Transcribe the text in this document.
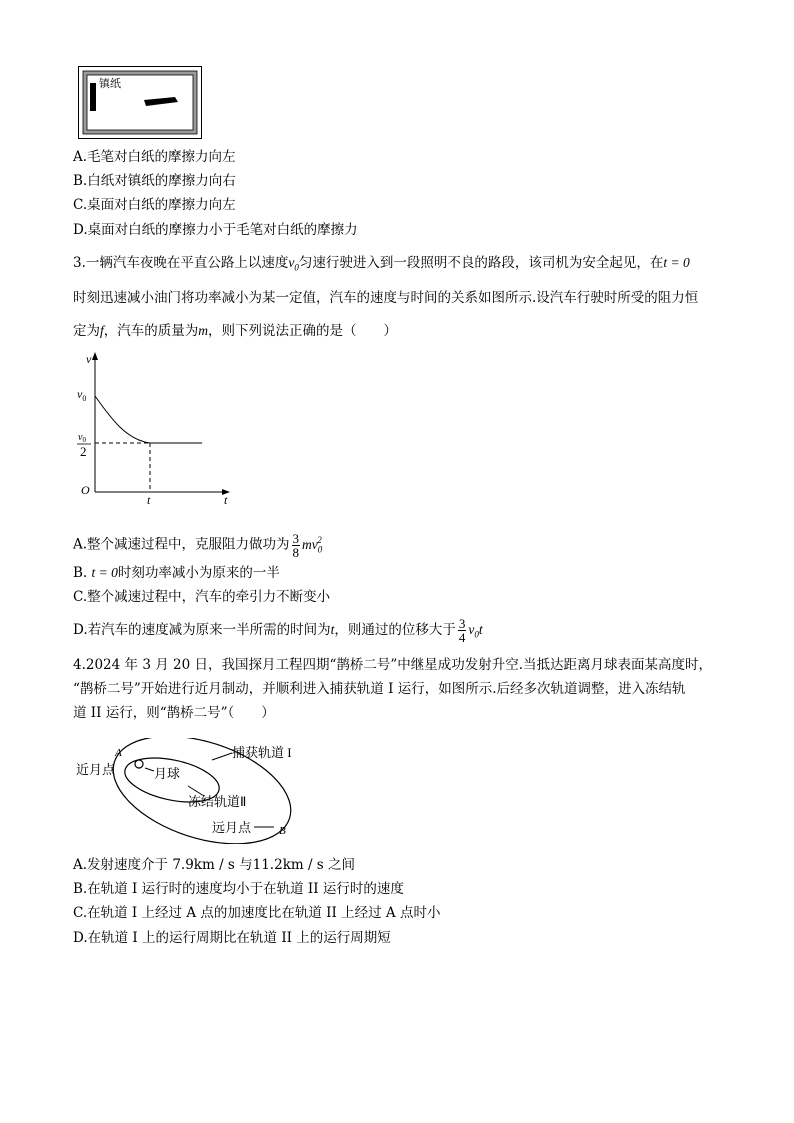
镇纸
A.毛笔对白纸的摩擦力向左
B.白纸对镇纸的摩擦力向右
C.桌面对白纸的摩擦力向左
D.桌面对白纸的摩擦力小于毛笔对白纸的摩擦力
3.一辆汽车夜晚在平直公路上以速度$v_0$匀速行驶进入到一段照明不良的路段，该司机为安全起见，在t = 0
时刻迅速减小油门将功率减小为某一定值，汽车的速度与时间的关系如图所示.设汽车行驶时所受的阻力恒
定为f，汽车的质量为m，则下列说法正确的是（　　）
v
$v_0$
$v_0$
2
O
t	t
A.整个减速过程中，克服阻力做功为 $\frac{3}{8} mv_0^2$
B. t = 0时刻功率减小为原来的一半
C.整个减速过程中，汽车的牵引力不断变小
D.若汽车的速度减为原来一半所需的时间为t，则通过的位移大于 $\frac{3}{4} v_0t$
4.2024 年 3 月 20 日，我国探月工程四期“鹊桥二号”中继星成功发射升空.当抵达距离月球表面某高度时，
“鹊桥二号”开始进行近月制动，并顺利进入捕获轨道 I 运行，如图所示.后经多次轨道调整，进入冻结轨
道 II 运行，则“鹊桥二号”（　　）
A
近月点	月球
捕获轨道 I
冻结轨道Ⅱ
远月点	B
A.发射速度介于 7.9km / s 与11.2km / s 之间
B.在轨道 I 运行时的速度均小于在轨道 II 运行时的速度
C.在轨道 I 上经过 A 点的加速度比在轨道 II 上经过 A 点时小
D.在轨道 I 上的运行周期比在轨道 II 上的运行周期短
